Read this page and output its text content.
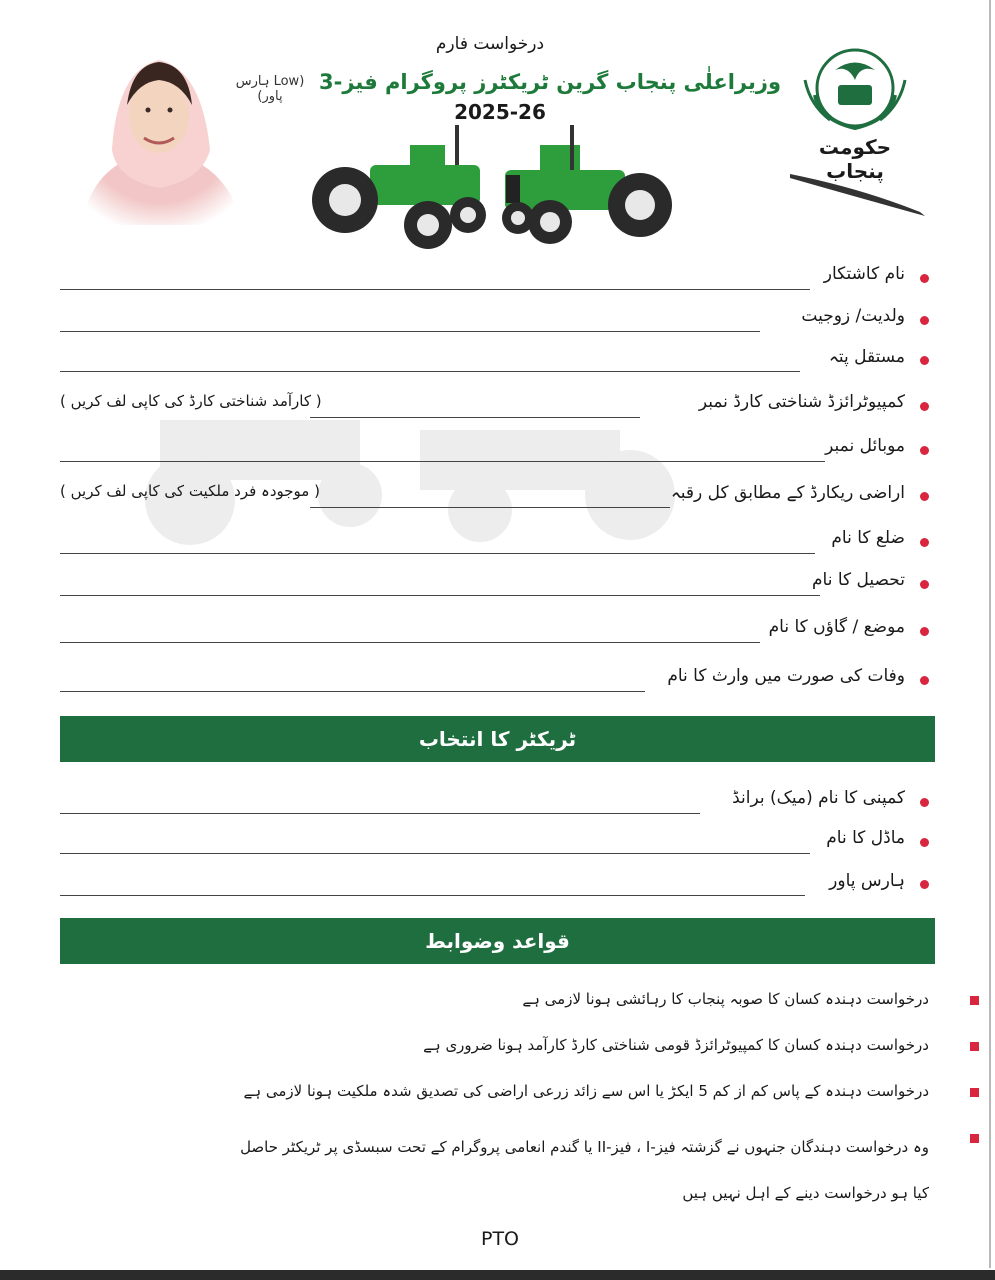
درخواست فارم
وزیراعلٰی پنجاب گرین ٹریکٹرز پروگرام فیز-3
(Low ہارس پاور)
2025-26
حکومت پنجاب
نام کاشتکار
ولدیت/ زوجیت
مستقل پتہ
کمپیوٹرائزڈ شناختی کارڈ نمبر
( کارآمد شناختی کارڈ کی کاپی لف کریں )
موبائل نمبر
اراضی ریکارڈ کے مطابق کل رقبہ
( موجودہ فرد ملکیت کی کاپی لف کریں )
ضلع کا نام
تحصیل کا نام
موضع / گاؤں کا نام
وفات کی صورت میں وارث کا نام
ٹریکٹر کا انتخاب
کمپنی کا نام (میک) برانڈ
ماڈل کا نام
ہارس پاور
قواعد وضوابط
درخواست دہندہ کسان کا صوبہ پنجاب کا رہائشی ہونا لازمی ہے
درخواست دہندہ کسان کا کمپیوٹرائزڈ قومی شناختی کارڈ کارآمد ہونا ضروری ہے
درخواست دہندہ کے پاس کم از کم 5 ایکڑ یا اس سے زائد زرعی اراضی کی تصدیق شدہ ملکیت ہونا لازمی ہے
وہ درخواست دہندگان جنہوں نے گزشتہ فیز-I ، فیز-II یا گندم انعامی پروگرام کے تحت سبسڈی پر ٹریکٹر حاصل کیا ہو درخواست دینے کے اہل نہیں ہیں
PTO
